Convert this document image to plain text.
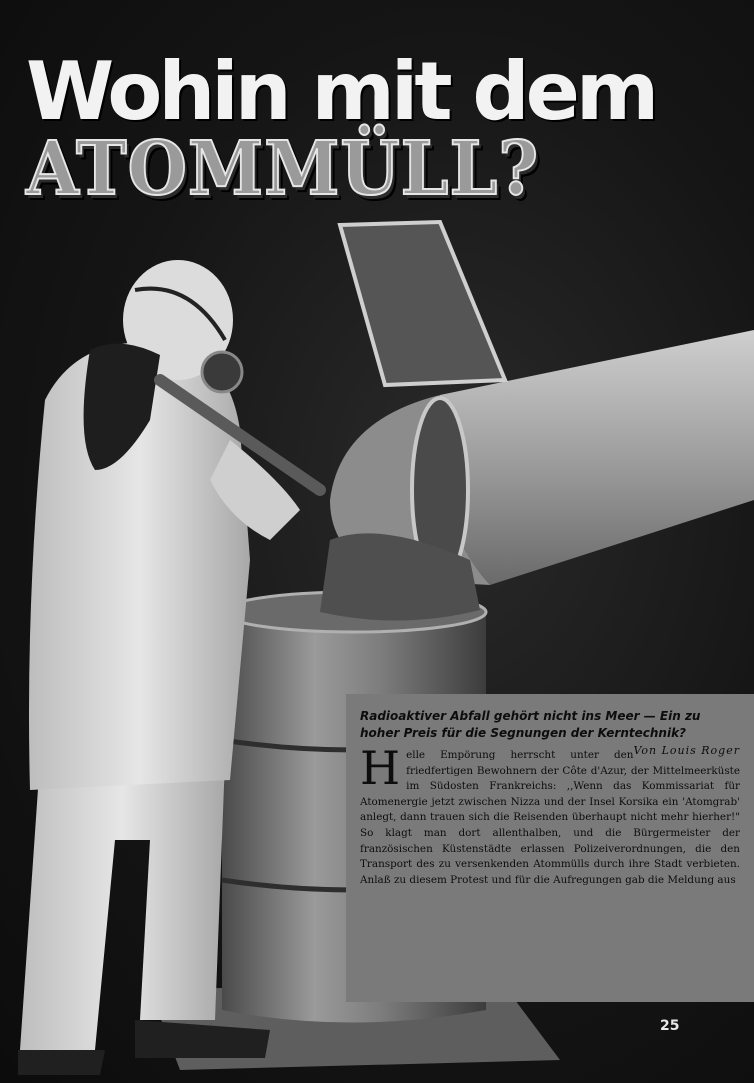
Wohin mit dem
ATOMMÜLL?

Radioaktiver Abfall gehört nicht ins Meer — Ein zu hoher Preis für die Segnungen der Kerntechnik?
Von Louis Roger

Helle Empörung herrscht unter den friedfertigen Bewohnern der Côte d'Azur, der Mittelmeerküste im Südosten Frankreichs: ,,Wenn das Kommissariat für Atomenergie jetzt zwischen Nizza und der Insel Korsika ein 'Atomgrab' anlegt, dann trauen sich die Reisenden überhaupt nicht mehr hierher!" So klagt man dort allenthalben, und die Bürgermeister der französischen Küstenstädte erlassen Polizeiverordnungen, die den Transport des zu versenkenden Atommülls durch ihre Stadt verbieten. Anlaß zu diesem Protest und für die Aufregungen gab die Meldung aus

25
